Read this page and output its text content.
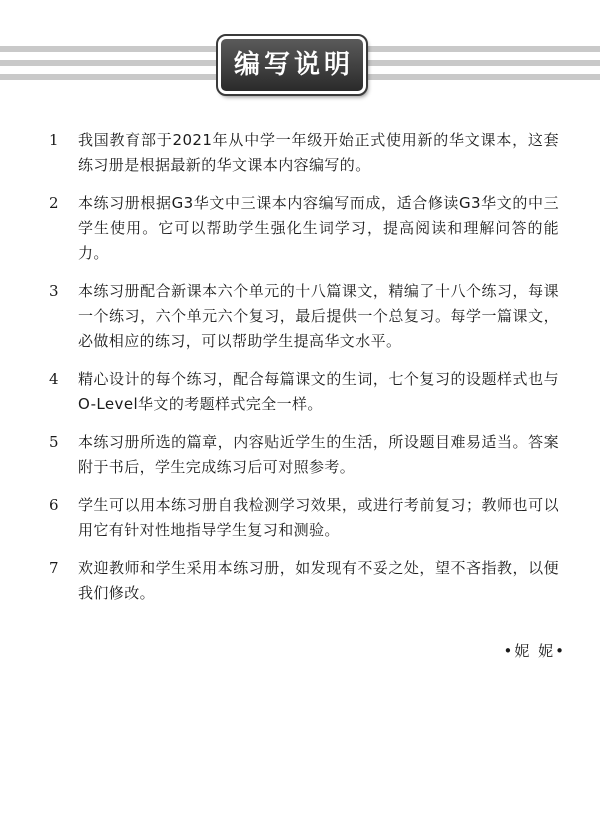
编写说明
1	我国教育部于2021年从中学一年级开始正式使用新的华文课本，这套练习册是根据最新的华文课本内容编写的。
2	本练习册根据G3华文中三课本内容编写而成，适合修读G3华文的中三学生使用。它可以帮助学生强化生词学习，提高阅读和理解问答的能力。
3	本练习册配合新课本六个单元的十八篇课文，精编了十八个练习，每课一个练习，六个单元六个复习，最后提供一个总复习。每学一篇课文，必做相应的练习，可以帮助学生提高华文水平。
4	精心设计的每个练习，配合每篇课文的生词，七个复习的设题样式也与O-Level华文的考题样式完全一样。
5	本练习册所选的篇章，内容贴近学生的生活，所设题目难易适当。答案附于书后，学生完成练习后可对照参考。
6	学生可以用本练习册自我检测学习效果，或进行考前复习；教师也可以用它有针对性地指导学生复习和测验。
7	欢迎教师和学生采用本练习册，如发现有不妥之处，望不吝指教，以便我们修改。
•妮 妮•
